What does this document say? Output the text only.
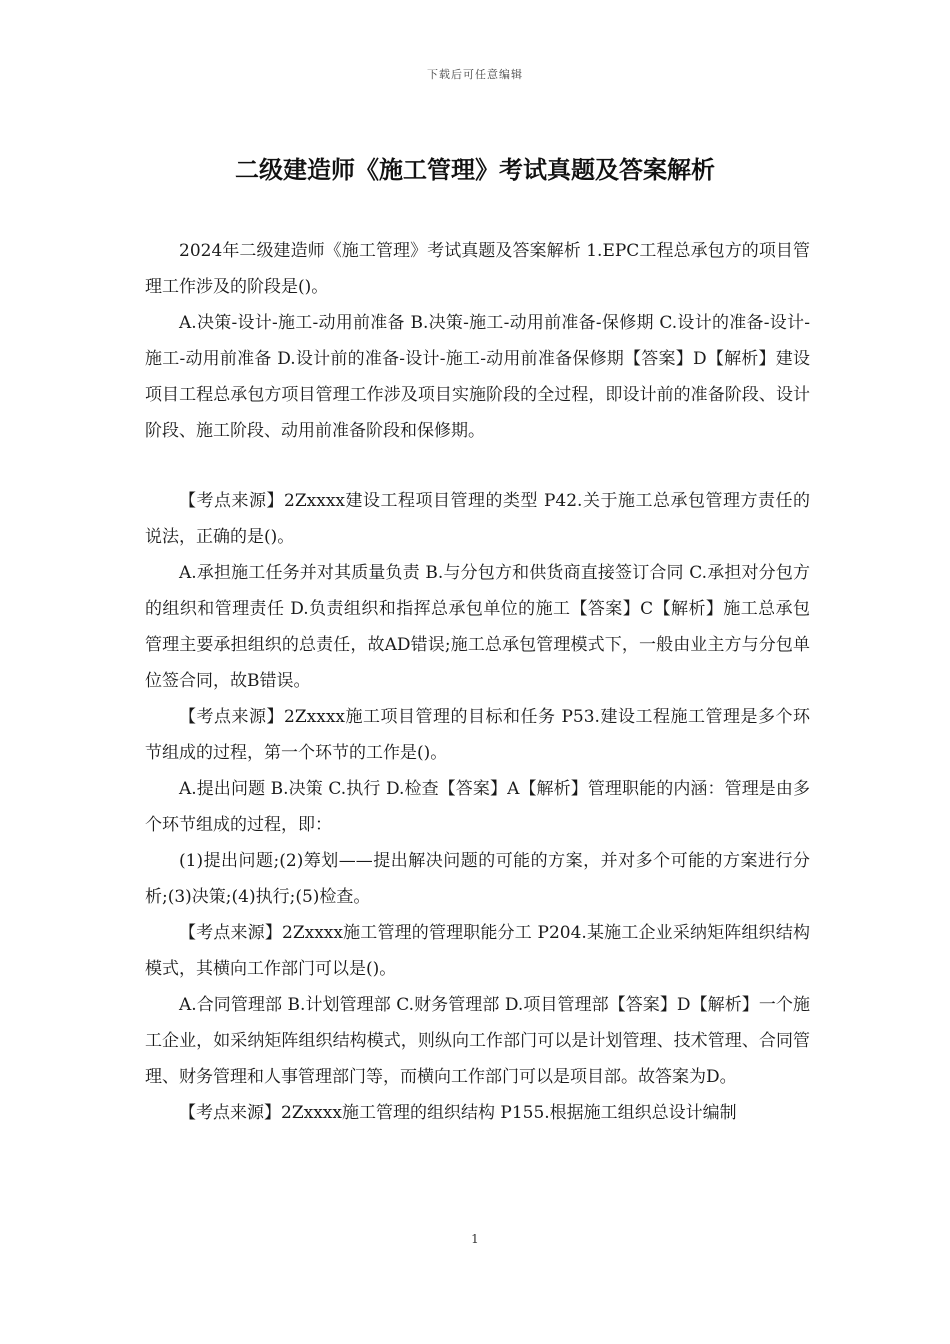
下载后可任意编辑
二级建造师《施工管理》考试真题及答案解析

2024年二级建造师《施工管理》考试真题及答案解析 1.EPC工程总承包方的项目管理工作涉及的阶段是()。

A.决策-设计-施工-动用前准备 B.决策-施工-动用前准备-保修期 C.设计的准备-设计-施工-动用前准备 D.设计前的准备-设计-施工-动用前准备保修期【答案】D【解析】建设项目工程总承包方项目管理工作涉及项目实施阶段的全过程，即设计前的准备阶段、设计阶段、施工阶段、动用前准备阶段和保修期。

【考点来源】2Zxxxx建设工程项目管理的类型 P42.关于施工总承包管理方责任的说法，正确的是()。

A.承担施工任务并对其质量负责 B.与分包方和供货商直接签订合同 C.承担对分包方的组织和管理责任 D.负责组织和指挥总承包单位的施工【答案】C【解析】施工总承包管理主要承担组织的总责任，故AD错误;施工总承包管理模式下，一般由业主方与分包单位签合同，故B错误。

【考点来源】2Zxxxx施工项目管理的目标和任务 P53.建设工程施工管理是多个环节组成的过程，第一个环节的工作是()。

A.提出问题 B.决策 C.执行 D.检查【答案】A【解析】管理职能的内涵：管理是由多个环节组成的过程，即：

(1)提出问题;(2)筹划——提出解决问题的可能的方案，并对多个可能的方案进行分析;(3)决策;(4)执行;(5)检查。

【考点来源】2Zxxxx施工管理的管理职能分工 P204.某施工企业采纳矩阵组织结构模式，其横向工作部门可以是()。

A.合同管理部 B.计划管理部 C.财务管理部 D.项目管理部【答案】D【解析】一个施工企业，如采纳矩阵组织结构模式，则纵向工作部门可以是计划管理、技术管理、合同管理、财务管理和人事管理部门等，而横向工作部门可以是项目部。故答案为D。

【考点来源】2Zxxxx施工管理的组织结构 P155.根据施工组织总设计编制

1
